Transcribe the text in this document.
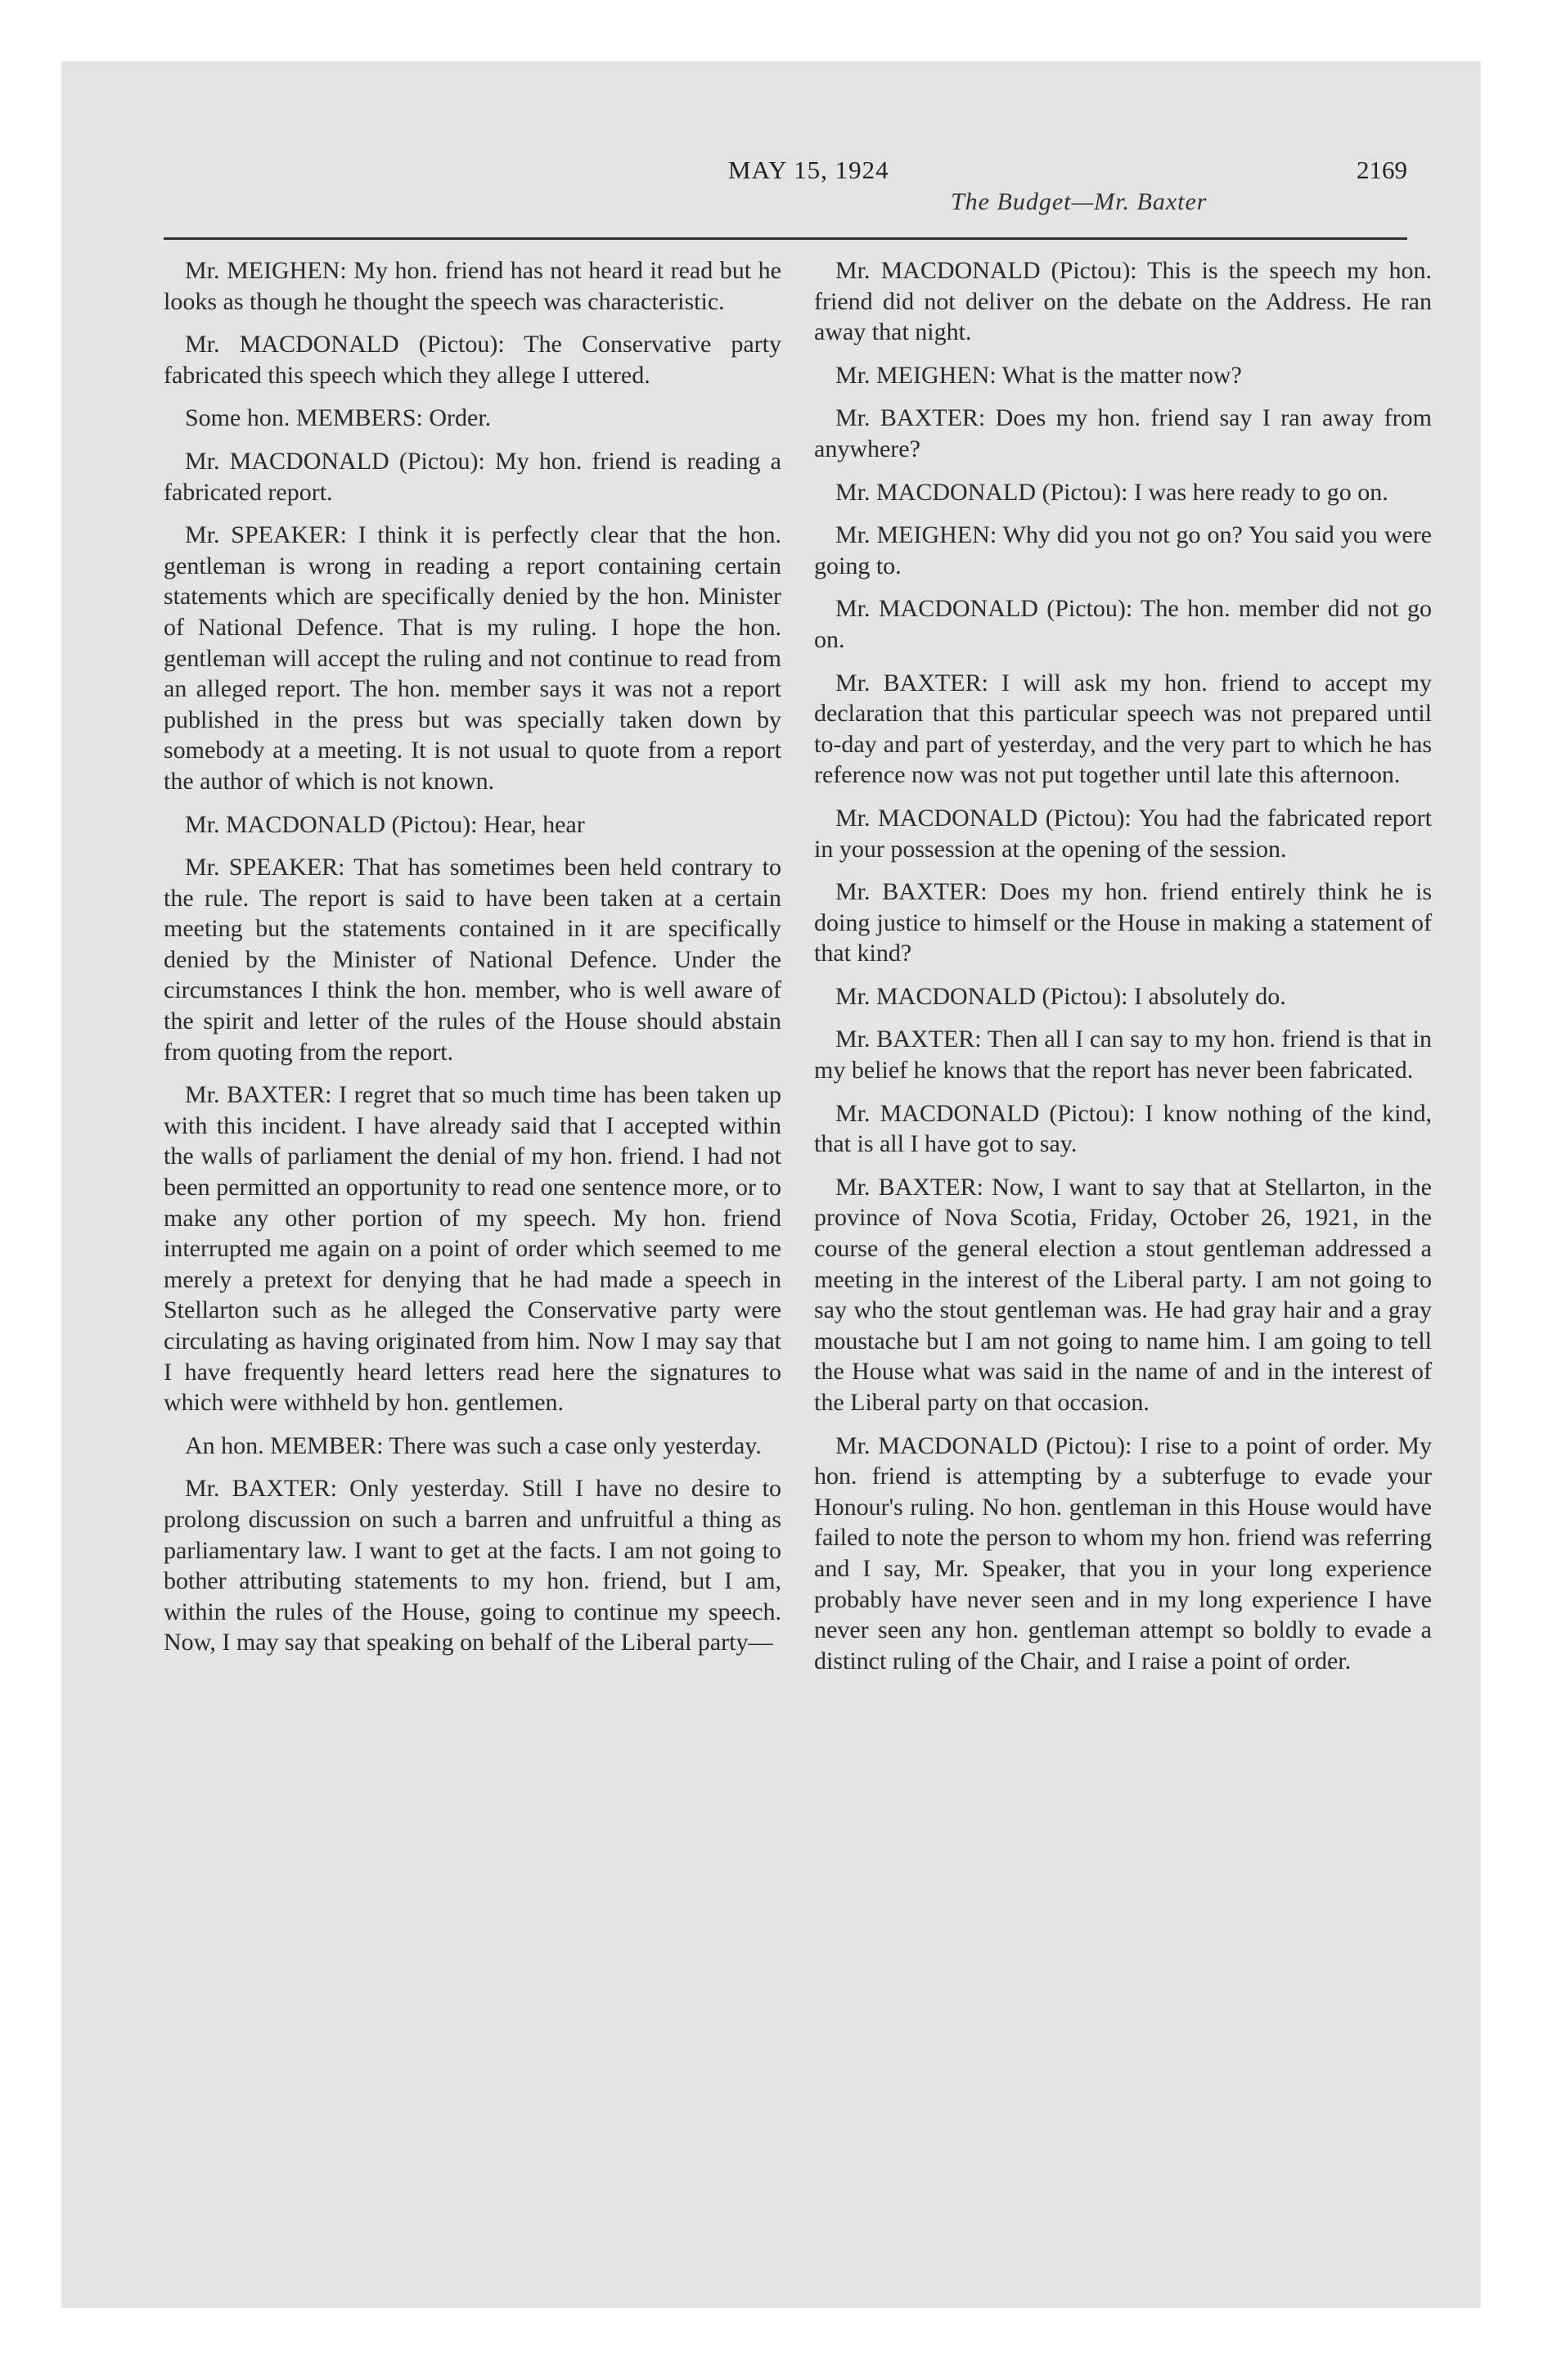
MAY 15, 1924	2169
The Budget—Mr. Baxter

Mr. MEIGHEN: My hon. friend has not heard it read but he looks as though he thought the speech was characteristic.

Mr. MACDONALD (Pictou): The Conservative party fabricated this speech which they allege I uttered.

Some hon. MEMBERS: Order.

Mr. MACDONALD (Pictou): My hon. friend is reading a fabricated report.

Mr. SPEAKER: I think it is perfectly clear that the hon. gentleman is wrong in reading a report containing certain statements which are specifically denied by the hon. Minister of National Defence. That is my ruling. I hope the hon. gentleman will accept the ruling and not continue to read from an alleged report. The hon. member says it was not a report published in the press but was specially taken down by somebody at a meeting. It is not usual to quote from a report the author of which is not known.

Mr. MACDONALD (Pictou): Hear, hear

Mr. SPEAKER: That has sometimes been held contrary to the rule. The report is said to have been taken at a certain meeting but the statements contained in it are specifically denied by the Minister of National Defence. Under the circumstances I think the hon. member, who is well aware of the spirit and letter of the rules of the House should abstain from quoting from the report.

Mr. BAXTER: I regret that so much time has been taken up with this incident. I have already said that I accepted within the walls of parliament the denial of my hon. friend. I had not been permitted an opportunity to read one sentence more, or to make any other portion of my speech. My hon. friend interrupted me again on a point of order which seemed to me merely a pretext for denying that he had made a speech in Stellarton such as he alleged the Conservative party were circulating as having originated from him. Now I may say that I have frequently heard letters read here the signatures to which were withheld by hon. gentlemen.

An hon. MEMBER: There was such a case only yesterday.

Mr. BAXTER: Only yesterday. Still I have no desire to prolong discussion on such a barren and unfruitful a thing as parliamentary law. I want to get at the facts. I am not going to bother attributing statements to my hon. friend, but I am, within the rules of the House, going to continue my speech. Now, I may say that speaking on behalf of the Liberal party—

Mr. MACDONALD (Pictou): This is the speech my hon. friend did not deliver on the debate on the Address. He ran away that night.

Mr. MEIGHEN: What is the matter now?

Mr. BAXTER: Does my hon. friend say I ran away from anywhere?

Mr. MACDONALD (Pictou): I was here ready to go on.

Mr. MEIGHEN: Why did you not go on? You said you were going to.

Mr. MACDONALD (Pictou): The hon. member did not go on.

Mr. BAXTER: I will ask my hon. friend to accept my declaration that this particular speech was not prepared until to-day and part of yesterday, and the very part to which he has reference now was not put together until late this afternoon.

Mr. MACDONALD (Pictou): You had the fabricated report in your possession at the opening of the session.

Mr. BAXTER: Does my hon. friend entirely think he is doing justice to himself or the House in making a statement of that kind?

Mr. MACDONALD (Pictou): I absolutely do.

Mr. BAXTER: Then all I can say to my hon. friend is that in my belief he knows that the report has never been fabricated.

Mr. MACDONALD (Pictou): I know nothing of the kind, that is all I have got to say.

Mr. BAXTER: Now, I want to say that at Stellarton, in the province of Nova Scotia, Friday, October 26, 1921, in the course of the general election a stout gentleman addressed a meeting in the interest of the Liberal party. I am not going to say who the stout gentleman was. He had gray hair and a gray moustache but I am not going to name him. I am going to tell the House what was said in the name of and in the interest of the Liberal party on that occasion.

Mr. MACDONALD (Pictou): I rise to a point of order. My hon. friend is attempting by a subterfuge to evade your Honour's ruling. No hon. gentleman in this House would have failed to note the person to whom my hon. friend was referring and I say, Mr. Speaker, that you in your long experience probably have never seen and in my long experience I have never seen any hon. gentleman attempt so boldly to evade a distinct ruling of the Chair, and I raise a point of order.
